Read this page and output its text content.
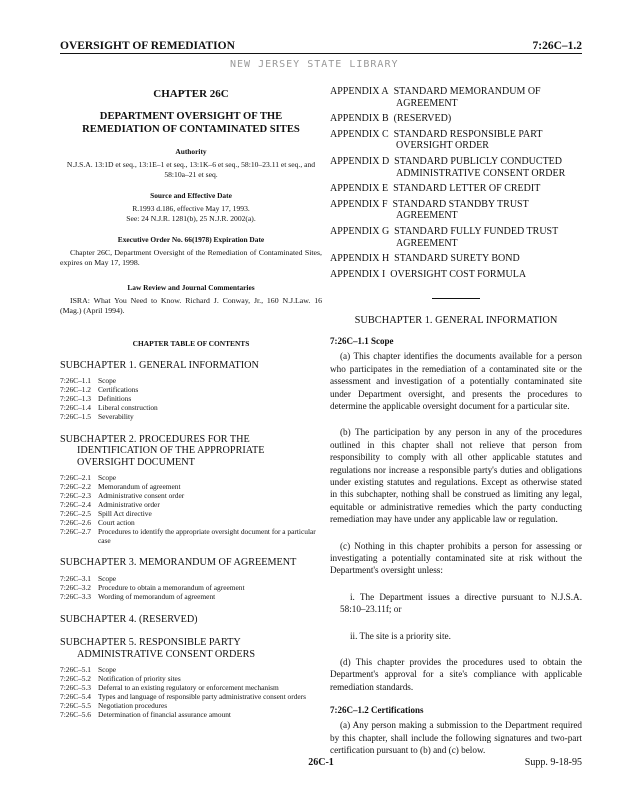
OVERSIGHT OF REMEDIATION	7:26C–1.2
NEW JERSEY STATE LIBRARY
CHAPTER 26C
DEPARTMENT OVERSIGHT OF THE REMEDIATION OF CONTAMINATED SITES
Authority
N.J.S.A. 13:1D et seq., 13:1E–1 et seq., 13:1K–6 et seq., 58:10–23.11 et seq., and 58:10a–21 et seq.
Source and Effective Date
R.1993 d.186, effective May 17, 1993.
See: 24 N.J.R. 1281(b), 25 N.J.R. 2002(a).
Executive Order No. 66(1978) Expiration Date
Chapter 26C, Department Oversight of the Remediation of Contaminated Sites, expires on May 17, 1998.
Law Review and Journal Commentaries
ISRA: What You Need to Know. Richard J. Conway, Jr., 160 N.J.Law. 16 (Mag.) (April 1994).
CHAPTER TABLE OF CONTENTS
SUBCHAPTER 1. GENERAL INFORMATION
7:26C–1.1 Scope
7:26C–1.2 Certifications
7:26C–1.3 Definitions
7:26C–1.4 Liberal construction
7:26C–1.5 Severability
SUBCHAPTER 2. PROCEDURES FOR THE
IDENTIFICATION OF THE APPROPRIATE OVERSIGHT DOCUMENT
7:26C–2.1 Scope
7:26C–2.2 Memorandum of agreement
7:26C–2.3 Administrative consent order
7:26C–2.4 Administrative order
7:26C–2.5 Spill Act directive
7:26C–2.6 Court action
7:26C–2.7 Procedures to identify the appropriate oversight document for a particular case
SUBCHAPTER 3. MEMORANDUM OF AGREEMENT
7:26C–3.1 Scope
7:26C–3.2 Procedure to obtain a memorandum of agreement
7:26C–3.3 Wording of memorandum of agreement
SUBCHAPTER 4. (RESERVED)
SUBCHAPTER 5. RESPONSIBLE PARTY
ADMINISTRATIVE CONSENT ORDERS
7:26C–5.1 Scope
7:26C–5.2 Notification of priority sites
7:26C–5.3 Deferral to an existing regulatory or enforcement mechanism
7:26C–5.4 Types and language of responsible party administrative consent orders
7:26C–5.5 Negotiation procedures
7:26C–5.6 Determination of financial assurance amount
APPENDIX A STANDARD MEMORANDUM OF
AGREEMENT
APPENDIX B (RESERVED)
APPENDIX C STANDARD RESPONSIBLE PART
OVERSIGHT ORDER
APPENDIX D STANDARD PUBLICLY CONDUCTED
ADMINISTRATIVE CONSENT ORDER
APPENDIX E STANDARD LETTER OF CREDIT
APPENDIX F STANDARD STANDBY TRUST
AGREEMENT
APPENDIX G STANDARD FULLY FUNDED TRUST
AGREEMENT
APPENDIX H STANDARD SURETY BOND
APPENDIX I OVERSIGHT COST FORMULA
SUBCHAPTER 1. GENERAL INFORMATION
7:26C–1.1 Scope
(a) This chapter identifies the documents available for a person who participates in the remediation of a contaminated site or the assessment and investigation of a potentially contaminated site under Department oversight, and presents the procedures to determine the applicable oversight document for a particular site.
(b) The participation by any person in any of the procedures outlined in this chapter shall not relieve that person from responsibility to comply with all other applicable statutes and regulations nor increase a responsible party's duties and obligations under existing statutes and regulations. Except as otherwise stated in this subchapter, nothing shall be construed as limiting any legal, equitable or administrative remedies which the party conducting remediation may have under any applicable law or regulation.
(c) Nothing in this chapter prohibits a person for assessing or investigating a potentially contaminated site at risk without the Department's oversight unless:
i. The Department issues a directive pursuant to N.J.S.A. 58:10–23.11f; or
ii. The site is a priority site.
(d) This chapter provides the procedures used to obtain the Department's approval for a site's compliance with applicable remediation standards.
7:26C–1.2 Certifications
(a) Any person making a submission to the Department required by this chapter, shall include the following signatures and two-part certification pursuant to (b) and (c) below.
26C-1	Supp. 9-18-95
